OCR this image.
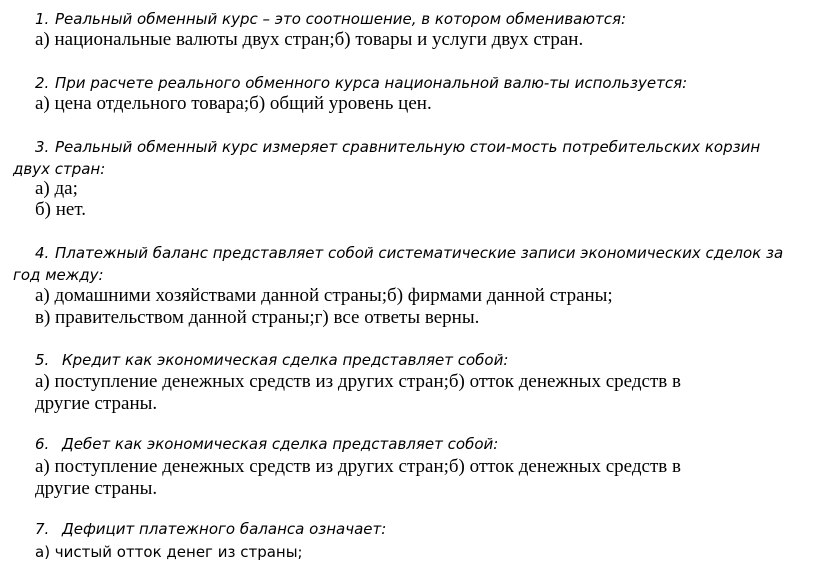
1. Реальный обменный курс – это соотношение, в котором обмениваются:
а) национальные валюты двух стран;б) товары и услуги двух стран.
2. При расчете реального обменного курса национальной валю-ты используется:
а) цена отдельного товара;б) общий уровень цен.
3. Реальный обменный курс измеряет сравнительную стои-мость потребительских корзин двух стран:
а) да;
б) нет.
4. Платежный баланс представляет собой систематические записи экономических сделок за год между:
а) домашними хозяйствами данной страны;б) фирмами данной страны;
в) правительством данной страны;г) все ответы верны.
5. Кредит как экономическая сделка представляет собой:
а) поступление денежных средств из других стран;б) отток денежных средств в
другие страны.
6. Дебет как экономическая сделка представляет собой:
а) поступление денежных средств из других стран;б) отток денежных средств в
другие страны.
7. Дефицит платежного баланса означает:
а) чистый отток денег из страны;
